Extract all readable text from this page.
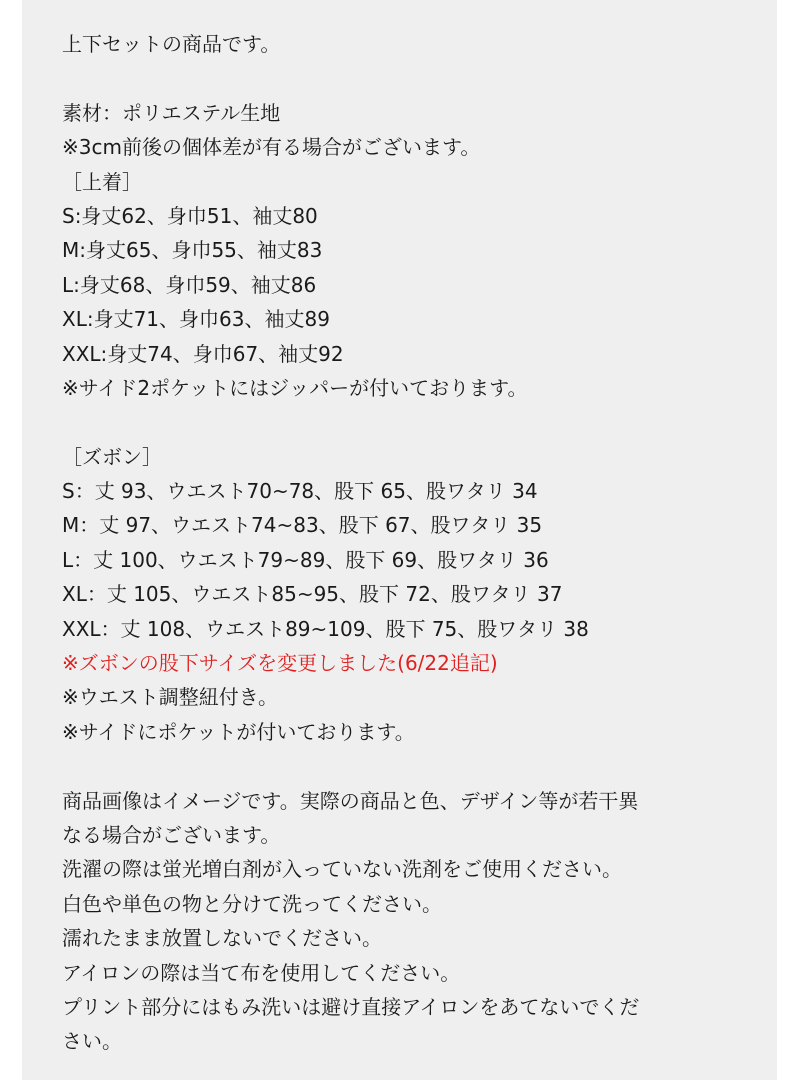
上下セットの商品です。
素材：ポリエステル生地
※3cm前後の個体差が有る場合がございます。
［上着］
S:身丈62、身巾51、袖丈80
M:身丈65、身巾55、袖丈83
L:身丈68、身巾59、袖丈86
XL:身丈71、身巾63、袖丈89
XXL:身丈74、身巾67、袖丈92
※サイド2ポケットにはジッパーが付いております。
［ズボン］
S：丈 93、ウエスト70~78、股下 65、股ワタリ 34
M：丈 97、ウエスト74~83、股下 67、股ワタリ 35
L：丈 100、ウエスト79~89、股下 69、股ワタリ 36
XL：丈 105、ウエスト85~95、股下 72、股ワタリ 37
XXL：丈 108、ウエスト89~109、股下 75、股ワタリ 38
※ズボンの股下サイズを変更しました(6/22追記)
※ウエスト調整紐付き。
※サイドにポケットが付いております。
商品画像はイメージです。実際の商品と色、デザイン等が若干異
なる場合がございます。
洗濯の際は蛍光増白剤が入っていない洗剤をご使用ください。
白色や単色の物と分けて洗ってください。
濡れたまま放置しないでください。
アイロンの際は当て布を使用してください。
プリント部分にはもみ洗いは避け直接アイロンをあてないでくだ
さい。
